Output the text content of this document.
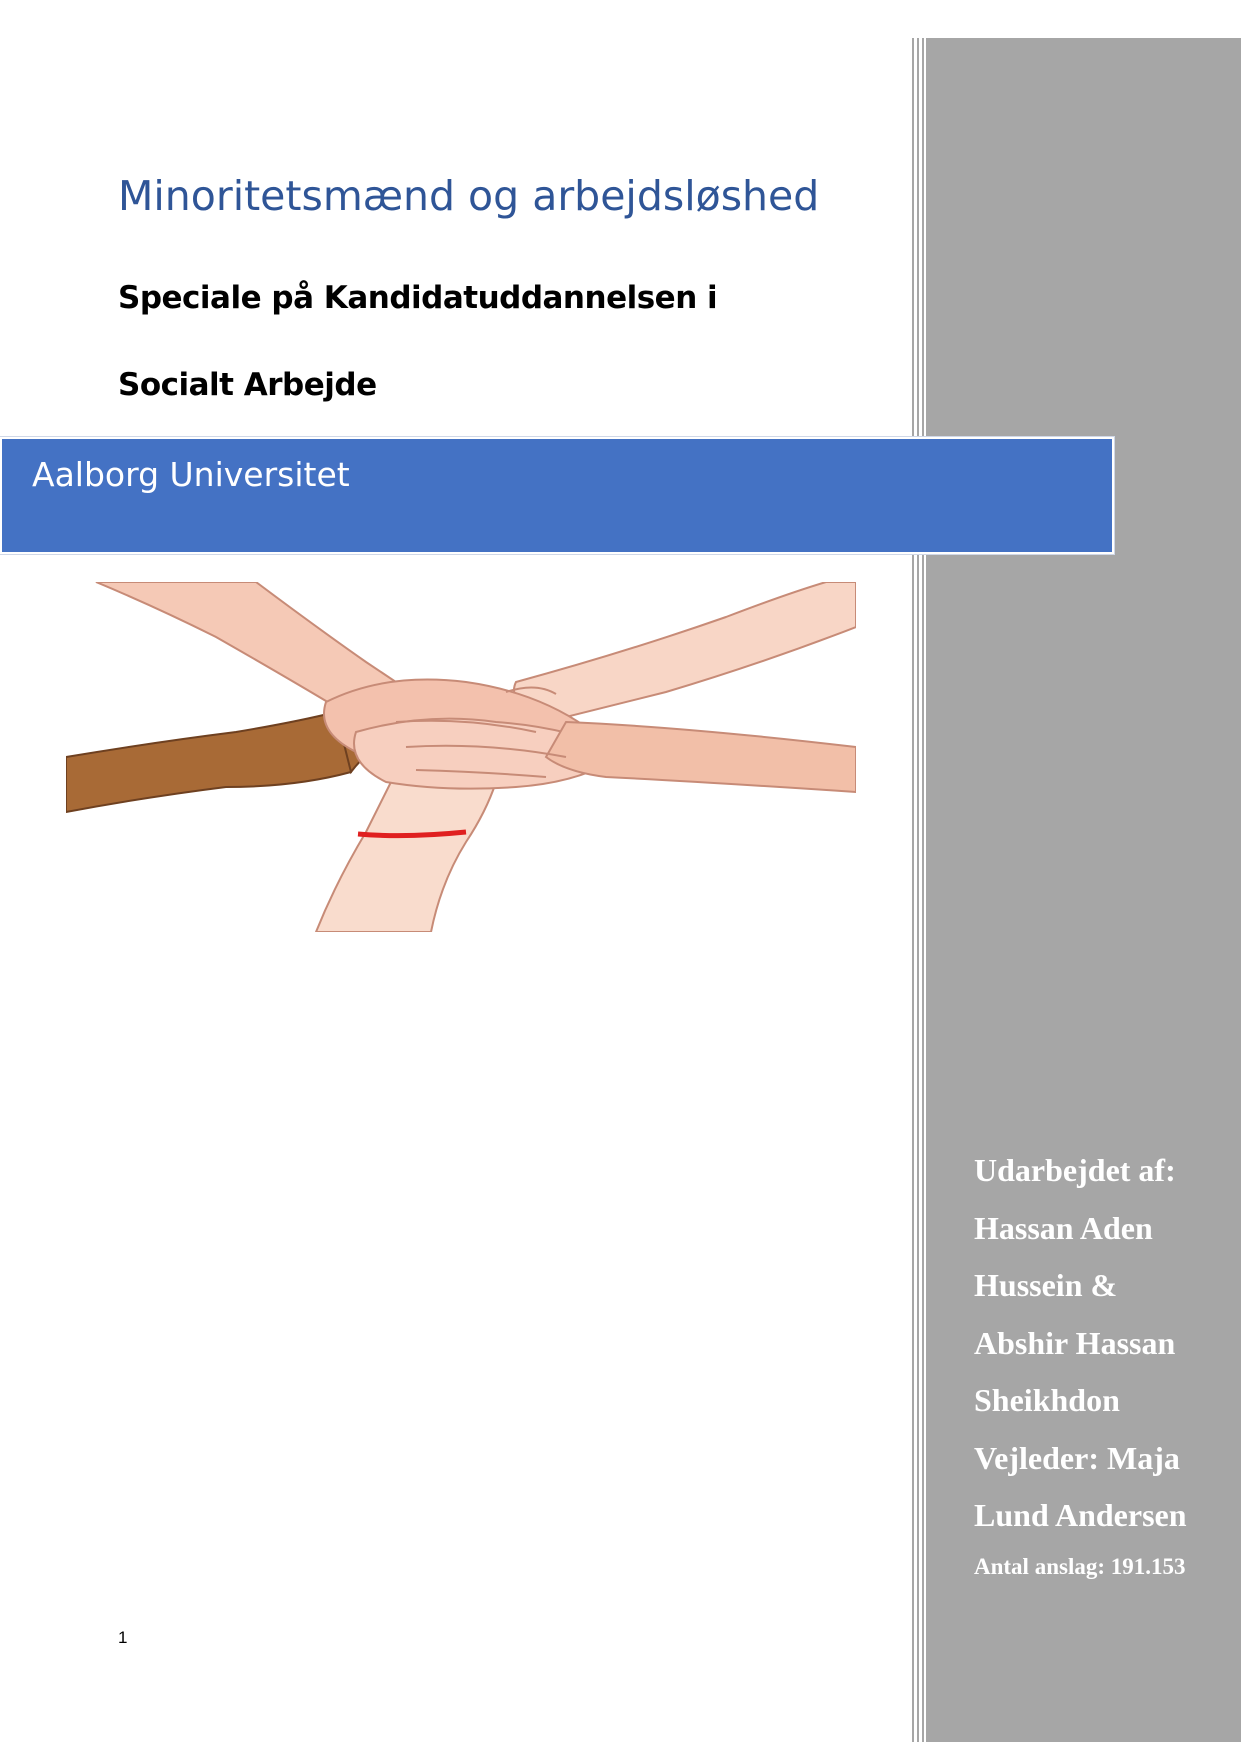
Minoritetsmænd og arbejdsløshed
Speciale på Kandidatuddannelsen i
Socialt Arbejde
Aalborg Universitet
Udarbejdet af:
Hassan Aden
Hussein &
Abshir Hassan
Sheikhdon
Vejleder: Maja
Lund Andersen
Antal anslag: 191.153
1
